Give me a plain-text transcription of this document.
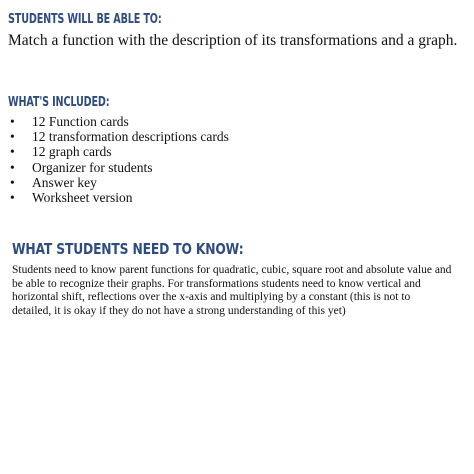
STUDENTS WILL BE ABLE TO:
Match a function with the description of its transformations and a graph.
WHAT'S INCLUDED:
• 12 Function cards
• 12 transformation descriptions cards
• 12 graph cards
• Organizer for students
• Answer key
• Worksheet version
WHAT STUDENTS NEED TO KNOW:

Students need to know parent functions for quadratic, cubic, square root and absolute value and be able to recognize their graphs. For transformations students need to know vertical and horizontal shift, reflections over the x-axis and multiplying by a constant (this is not to detailed, it is okay if they do not have a strong understanding of this yet)
